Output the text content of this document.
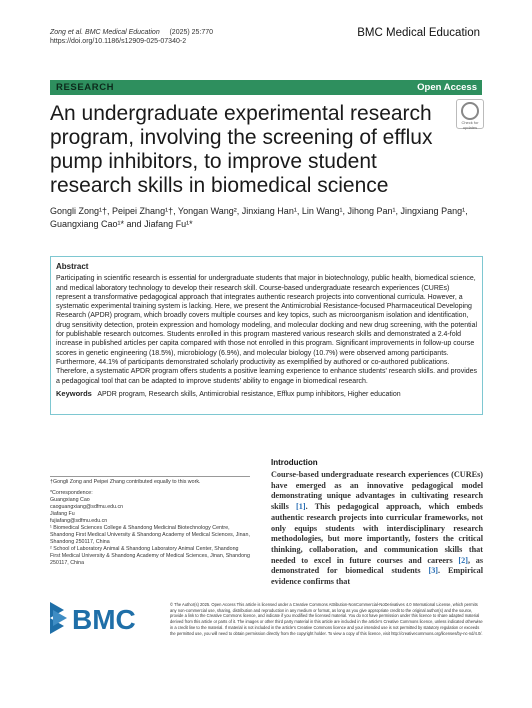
Zong et al. BMC Medical Education (2025) 25:770
https://doi.org/10.1186/s12909-025-07340-2
BMC Medical Education
RESEARCH	Open Access
An undergraduate experimental research program, involving the screening of efflux pump inhibitors, to improve student research skills in biomedical science
Check for
updates
Gongli Zong¹†, Peipei Zhang¹†, Yongan Wang², Jinxiang Han¹, Lin Wang¹, Jihong Pan¹, Jingxiang Pang¹, Guangxiang Cao¹* and Jiafang Fu¹*
Abstract
Participating in scientific research is essential for undergraduate students that major in biotechnology, public health, biomedical science, and medical laboratory technology to develop their research skill. Course-based undergraduate research experiences (CUREs) represent a transformative pedagogical approach that integrates authentic research projects into conventional curricula. However, a systematic experimental training system is lacking. Here, we present the Antimicrobial Resistance-focused Pharmaceutical Developing Research (APDR) program, which broadly covers multiple courses and key topics, such as microorganism isolation and identification, drug sensitivity detection, protein expression and homology modeling, and molecular docking and new drug screening, with the potential for publishable research outcomes. Students enrolled in this program mastered various research skills and demonstrated a 2.4-fold increase in published articles per capita compared with those not enrolled in this program. Significant improvements in follow-up course scores in genetic engineering (18.5%), microbiology (6.9%), and molecular biology (10.7%) were observed among participants. Furthermore, 44.1% of participants demonstrated scholarly productivity as exemplified by authored or co-authored publications. Therefore, a systematic APDR program offers students a positive learning experience to enhance students' research skills. and provides a pedagogical tool that can be adapted to improve students' ability to engage in biomedical research.
Keywords APDR program, Research skills, Antimicrobial resistance, Efflux pump inhibitors, Higher education
†Gongli Zong and Peipei Zhang contributed equally to this work.
*Correspondence:
Guangxiang Cao
caoguangxiang@sdfmu.edu.cn
Jiafang Fu
fujiafang@sdfmu.edu.cn
¹ Biomedical Sciences College & Shandong Medicinal Biotechnology Centre, Shandong First Medical University & Shandong Academy of Medical Sciences, Jinan, Shandong 250117, China
² School of Laboratory Animal & Shandong Laboratory Animal Center, Shandong First Medical University & Shandong Academy of Medical Sciences, Jinan, Shandong 250117, China
Introduction
Course-based undergraduate research experiences (CUREs) have emerged as an innovative pedagogical model demonstrating unique advantages in cultivating research skills [1]. This pedagogical approach, which embeds authentic research projects into curricular frameworks, not only equips students with interdisciplinary research methodologies, but more importantly, fosters the critical thinking, collaboration, and communication skills that needed to excel in future courses and careers [2], as demonstrated for biomedical students [3]. Empirical evidence confirms that
BMC	© The Author(s) 2025. Open Access This article is licensed under a Creative Commons Attribution-NonCommercial-NoDerivatives 4.0 International License, which permits any non-commercial use, sharing, distribution and reproduction in any medium or format, as long as you give appropriate credit to the original author(s) and the source, provide a link to the Creative Commons licence, and indicate if you modified the licensed material. You do not have permission under this licence to share adapted material derived from this article or parts of it. The images or other third party material in this article are included in the article's Creative Commons licence, unless indicated otherwise in a credit line to the material. If material is not included in the article's Creative Commons licence and your intended use is not permitted by statutory regulation or exceeds the permitted use, you will need to obtain permission directly from the copyright holder. To view a copy of this licence, visit http://creativecommons.org/licenses/by-nc-nd/4.0/.
